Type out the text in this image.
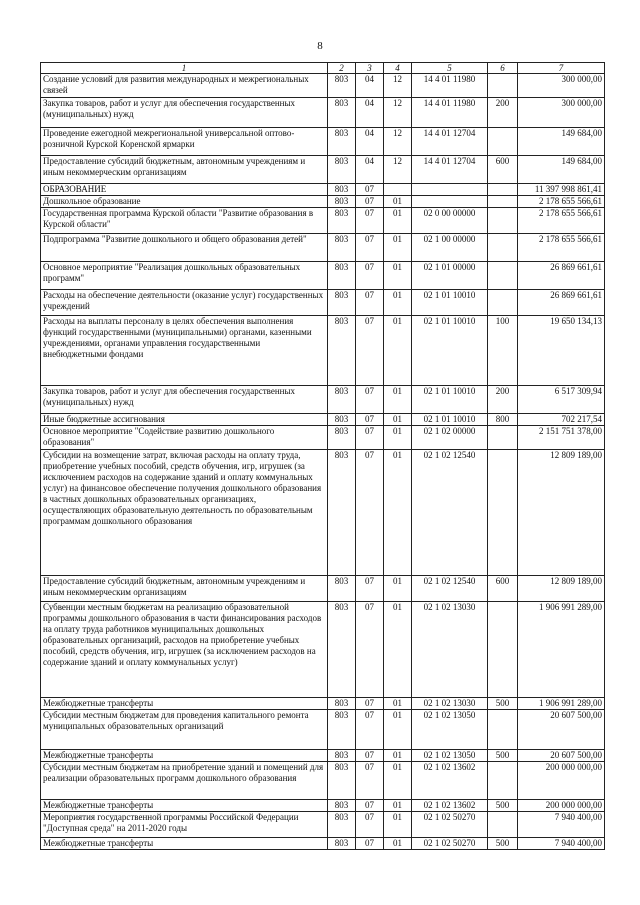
8
1	2	3	4	5	6	7
Создание условий для развития международных и межрегиональных связей	803	04	12	14 4 01 11980		300 000,00
Закупка товаров, работ и услуг для обеспечения государственных (муниципальных) нужд	803	04	12	14 4 01 11980	200	300 000,00
Проведение ежегодной межрегиональной универсальной оптово-розничной Курской Коренской ярмарки	803	04	12	14 4 01 12704		149 684,00
Предоставление субсидий бюджетным, автономным учреждениям и иным некоммерческим организациям	803	04	12	14 4 01 12704	600	149 684,00
ОБРАЗОВАНИЕ	803	07				11 397 998 861,41
Дошкольное образование	803	07	01			2 178 655 566,61
Государственная программа Курской области "Развитие образования в Курской области"	803	07	01	02 0 00 00000		2 178 655 566,61
Подпрограмма "Развитие дошкольного и общего образования детей"	803	07	01	02 1 00 00000		2 178 655 566,61
Основное мероприятие "Реализация дошкольных образовательных программ"	803	07	01	02 1 01 00000		26 869 661,61
Расходы на обеспечение деятельности (оказание услуг) государственных учреждений	803	07	01	02 1 01 10010		26 869 661,61
Расходы на выплаты персоналу в целях обеспечения выполнения функций государственными (муниципальными) органами, казенными учреждениями, органами управления государственными внебюджетными фондами	803	07	01	02 1 01 10010	100	19 650 134,13
Закупка товаров, работ и услуг для обеспечения государственных (муниципальных) нужд	803	07	01	02 1 01 10010	200	6 517 309,94
Иные бюджетные ассигнования	803	07	01	02 1 01 10010	800	702 217,54
Основное мероприятие "Содействие развитию дошкольного образования"	803	07	01	02 1 02 00000		2 151 751 378,00
Субсидии на возмещение затрат, включая расходы на оплату труда, приобретение учебных пособий, средств обучения, игр, игрушек (за исключением расходов на содержание зданий и оплату коммунальных услуг) на финансовое обеспечение получения дошкольного образования в частных дошкольных образовательных организациях, осуществляющих образовательную деятельность по образовательным программам дошкольного образования	803	07	01	02 1 02 12540		12 809 189,00
Предоставление субсидий бюджетным, автономным учреждениям и иным некоммерческим организациям	803	07	01	02 1 02 12540	600	12 809 189,00
Субвенции местным бюджетам на реализацию образовательной программы дошкольного образования в части финансирования расходов на оплату труда работников муниципальных дошкольных образовательных организаций, расходов на приобретение учебных пособий, средств обучения, игр, игрушек (за исключением расходов на содержание зданий и оплату коммунальных услуг)	803	07	01	02 1 02 13030		1 906 991 289,00
Межбюджетные трансферты	803	07	01	02 1 02 13030	500	1 906 991 289,00
Субсидии местным бюджетам для проведения капитального ремонта муниципальных образовательных организаций	803	07	01	02 1 02 13050		20 607 500,00
Межбюджетные трансферты	803	07	01	02 1 02 13050	500	20 607 500,00
Субсидии местным бюджетам на приобретение зданий и помещений для реализации образовательных программ дошкольного образования	803	07	01	02 1 02 13602		200 000 000,00
Межбюджетные трансферты	803	07	01	02 1 02 13602	500	200 000 000,00
Мероприятия государственной программы Российской Федерации "Доступная среда" на 2011-2020 годы	803	07	01	02 1 02 50270		7 940 400,00
Межбюджетные трансферты	803	07	01	02 1 02 50270	500	7 940 400,00
